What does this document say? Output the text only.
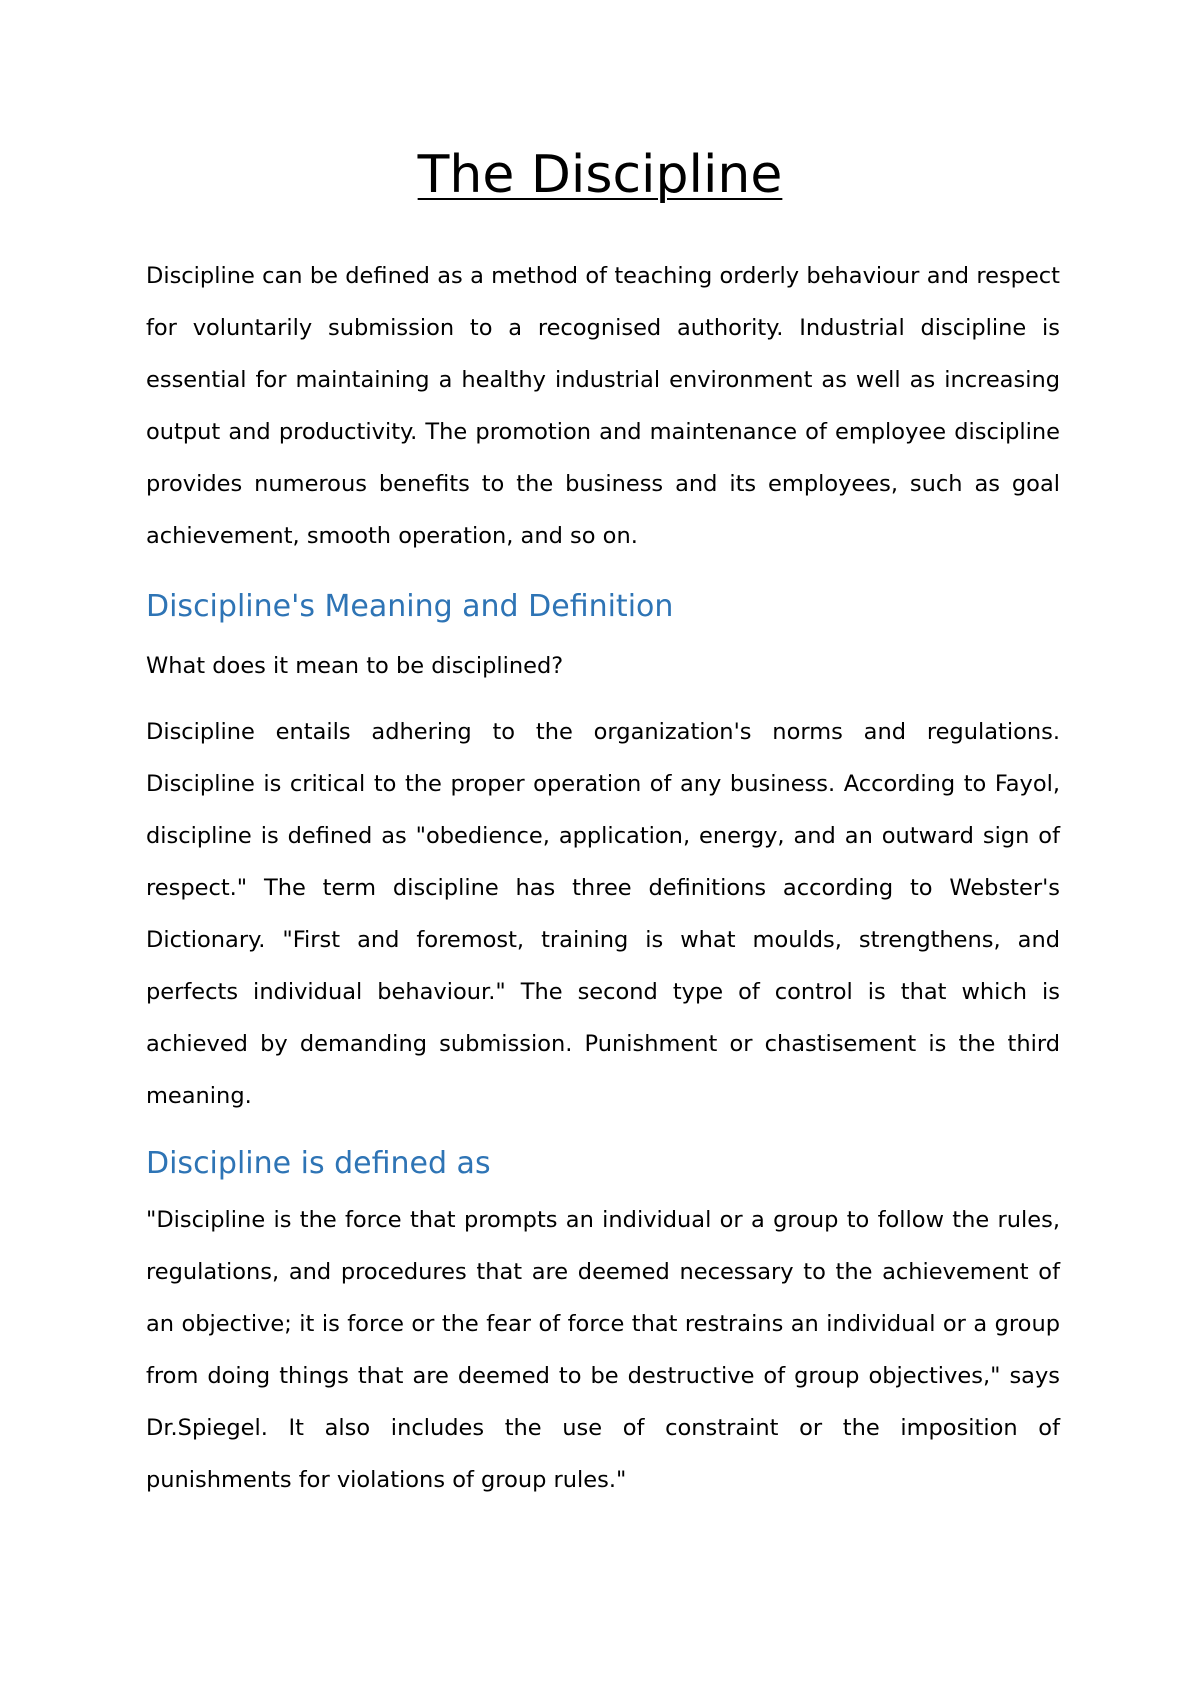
The Discipline

Discipline can be defined as a method of teaching orderly behaviour and respect for voluntarily submission to a recognised authority. Industrial discipline is essential for maintaining a healthy industrial environment as well as increasing output and productivity. The promotion and maintenance of employee discipline provides numerous benefits to the business and its employees, such as goal achievement, smooth operation, and so on.

Discipline's Meaning and Definition

What does it mean to be disciplined?

Discipline entails adhering to the organization's norms and regulations. Discipline is critical to the proper operation of any business. According to Fayol, discipline is defined as "obedience, application, energy, and an outward sign of respect." The term discipline has three definitions according to Webster's Dictionary. "First and foremost, training is what moulds, strengthens, and perfects individual behaviour." The second type of control is that which is achieved by demanding submission. Punishment or chastisement is the third meaning.

Discipline is defined as

"Discipline is the force that prompts an individual or a group to follow the rules, regulations, and procedures that are deemed necessary to the achievement of an objective; it is force or the fear of force that restrains an individual or a group from doing things that are deemed to be destructive of group objectives," says Dr.Spiegel. It also includes the use of constraint or the imposition of punishments for violations of group rules."
